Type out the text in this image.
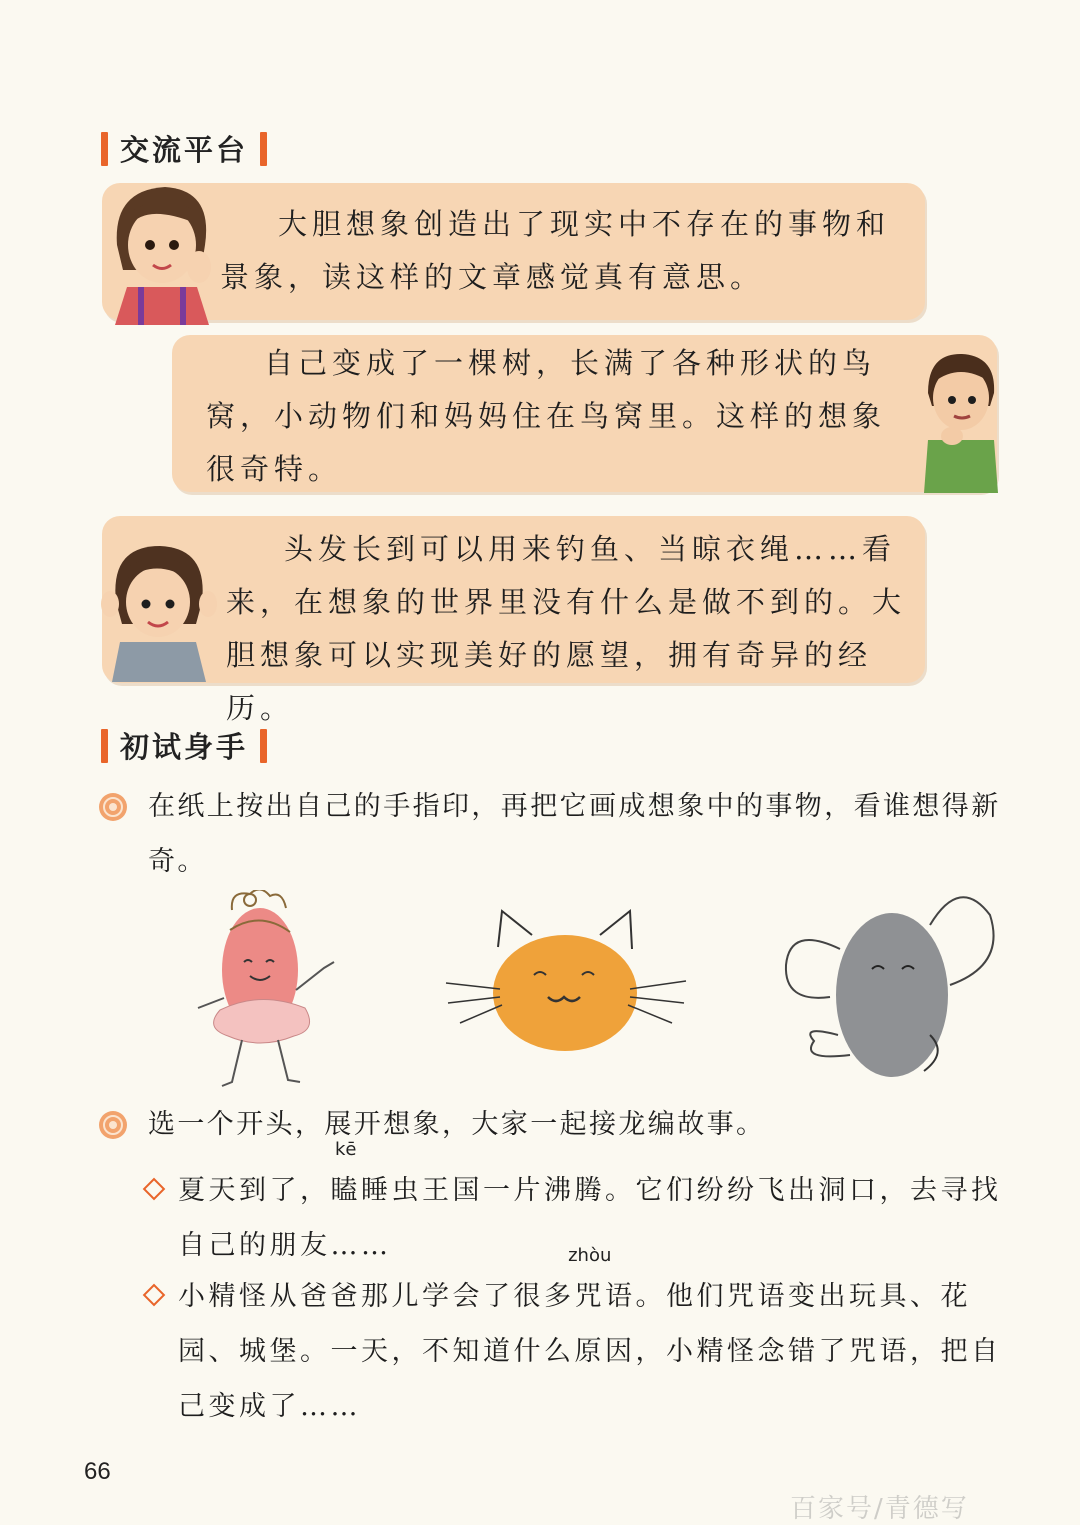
交流平台

大胆想象创造出了现实中不存在的事物和景象，读这样的文章感觉真有意思。

自己变成了一棵树，长满了各种形状的鸟窝，小动物们和妈妈住在鸟窝里。这样的想象很奇特。

头发长到可以用来钓鱼、当晾衣绳……看来，在想象的世界里没有什么是做不到的。大胆想象可以实现美好的愿望，拥有奇异的经历。

初试身手

在纸上按出自己的手指印，再把它画成想象中的事物，看谁想得新奇。

选一个开头，展开想象，大家一起接龙编故事。

夏天到了，
kē
瞌睡虫王国一片沸腾。它们纷纷飞出洞口，去寻找自己的朋友……

小精怪从爸爸那儿学会了很多
zhòu
咒语。他们咒语变出玩具、花园、城堡。一天，不知道什么原因，小精怪念错了咒语，把自己变成了……

66
百家号/青德写
